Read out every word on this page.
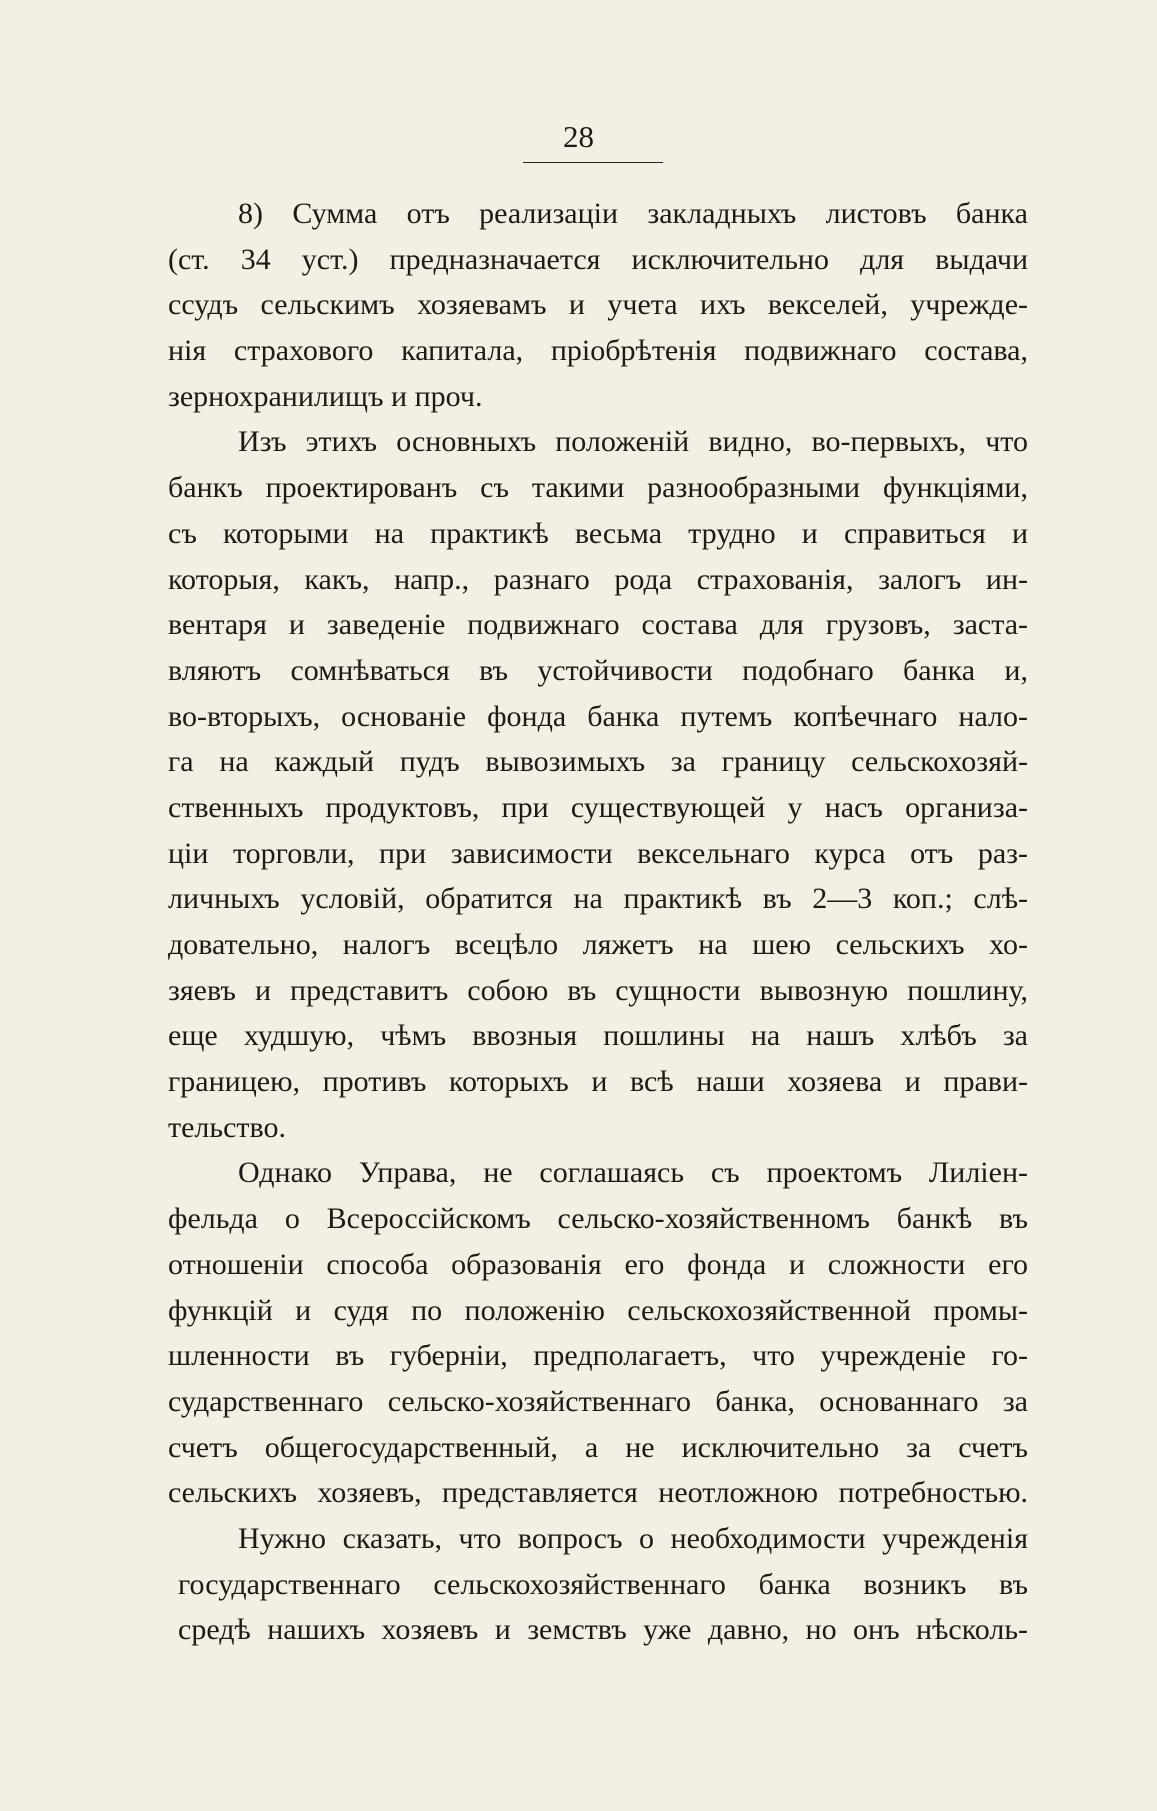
28
8) Сумма отъ реализаціи закладныхъ листовъ банка
(ст. 34 уст.) предназначается исключительно для выдачи
ссудъ сельскимъ хозяевамъ и учета ихъ векселей, учрежде-
нія страхового капитала, пріобрѣтенія подвижнаго состава,
зернохранилищъ и проч.
Изъ этихъ основныхъ положеній видно, во-первыхъ, что
банкъ проектированъ съ такими разнообразными функціями,
съ которыми на практикѣ весьма трудно и справиться и
которыя, какъ, напр., разнаго рода страхованія, залогъ ин-
вентаря и заведеніе подвижнаго состава для грузовъ, заста-
вляютъ сомнѣваться въ устойчивости подобнаго банка и,
во-вторыхъ, основаніе фонда банка путемъ копѣечнаго нало-
га на каждый пудъ вывозимыхъ за границу сельскохозяй-
ственныхъ продуктовъ, при существующей у насъ организа-
ціи торговли, при зависимости вексельнаго курса отъ раз-
личныхъ условій, обратится на практикѣ въ 2—3 коп.; слѣ-
довательно, налогъ всецѣло ляжетъ на шею сельскихъ хо-
зяевъ и представитъ собою въ сущности вывозную пошлину,
еще худшую, чѣмъ ввозныя пошлины на нашъ хлѣбъ за
границею, противъ которыхъ и всѣ наши хозяева и прави-
тельство.
Однако Управа, не соглашаясь съ проектомъ Лиліен-
фельда о Всероссійскомъ сельско-хозяйственномъ банкѣ въ
отношеніи способа образованія его фонда и сложности его
функцій и судя по положенію сельскохозяйственной промы-
шленности въ губерніи, предполагаетъ, что учрежденіе го-
сударственнаго сельско-хозяйственнаго банка, основаннаго за
счетъ общегосударственный, а не исключительно за счетъ
сельскихъ хозяевъ, представляется неотложною потребностью.
Нужно сказать, что вопросъ о необходимости учрежденія
государственнаго сельскохозяйственнаго банка возникъ въ
средѣ нашихъ хозяевъ и земствъ уже давно, но онъ нѣсколь-
